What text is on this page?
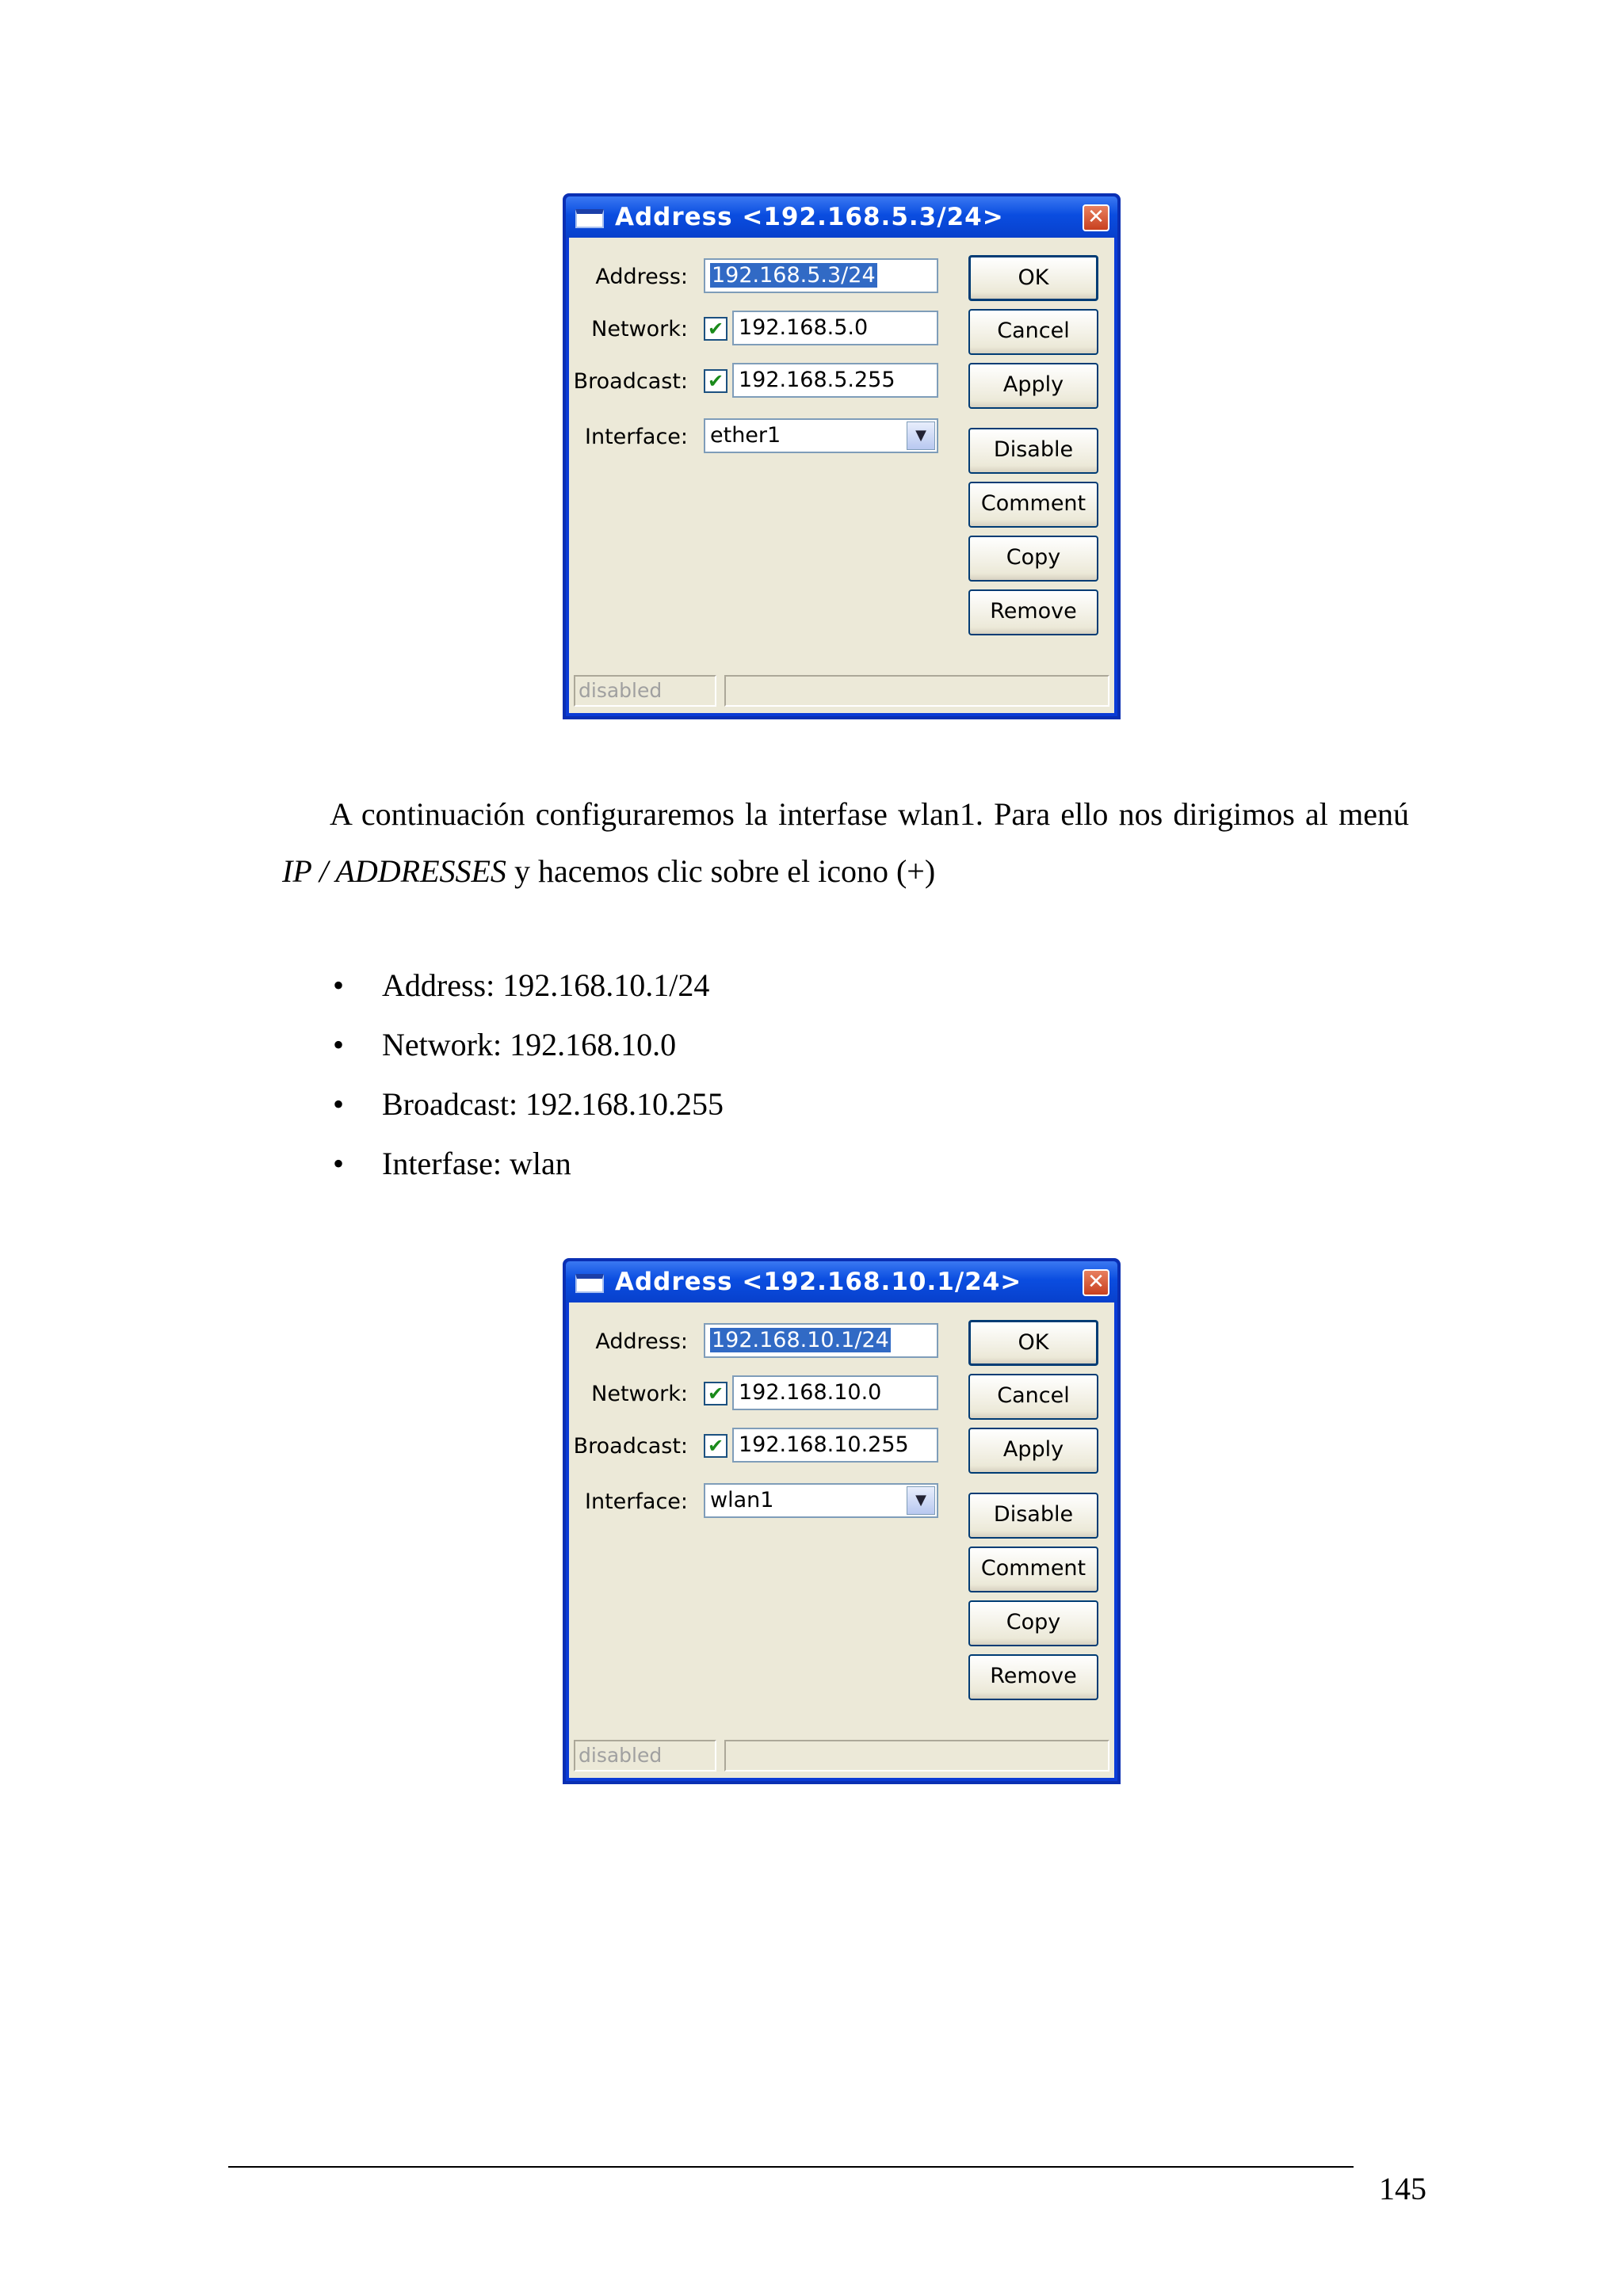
Address <192.168.5.3/24>	✕
Address:	192.168.5.3/24
Network: ✔ 192.168.5.0
Broadcast: ✔ 192.168.5.255
Interface: ether1	▼
OK
Cancel
Apply
Disable
Comment
Copy
Remove
disabled

A continuación configuraremos la interfase wlan1. Para ello nos dirigimos al menú IP / ADDRESSES y hacemos clic sobre el icono (+)

• Address: 192.168.10.1/24
• Network: 192.168.10.0
• Broadcast: 192.168.10.255
• Interfase: wlan
Address <192.168.10.1/24>	✕
Address:	192.168.10.1/24
Network: ✔ 192.168.10.0
Broadcast: ✔ 192.168.10.255
Interface: wlan1	▼
OK
Cancel
Apply
Disable
Comment
Copy
Remove
disabled
145
